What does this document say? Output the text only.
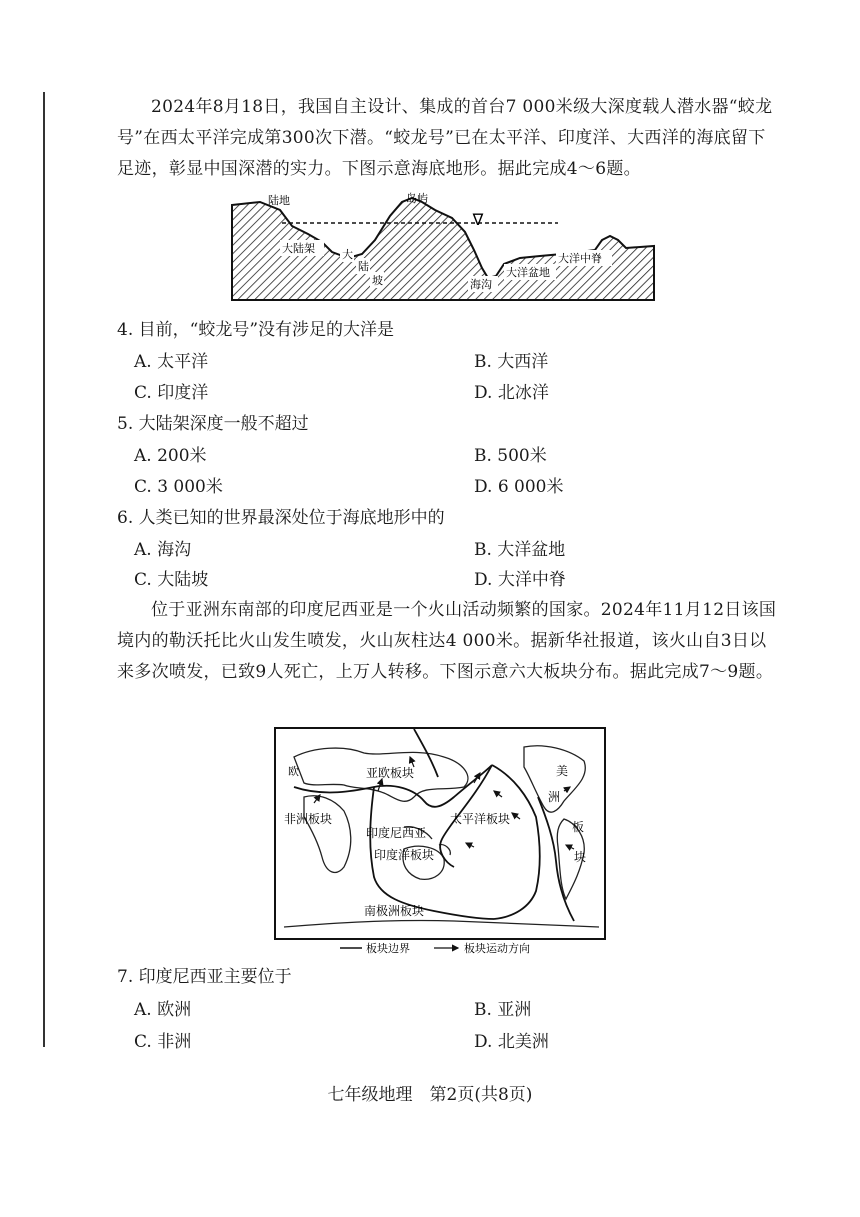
2024年8月18日，我国自主设计、集成的首台7 000米级大深度载人潜水器“蛟龙号”在西太平洋完成第300次下潜。“蛟龙号”已在太平洋、印度洋、大西洋的海底留下足迹，彰显中国深潜的实力。下图示意海底地形。据此完成4～6题。

∇
陆地	岛屿
大陆架 大
陆
坡	海沟
大洋盆地
大洋中脊

4. 目前，“蛟龙号”没有涉足的大洋是

A. 太平洋	B. 大西洋

C. 印度洋	D. 北冰洋

5. 大陆架深度一般不超过

A. 200米	B. 500米

C. 3 000米	D. 6 000米

6. 人类已知的世界最深处位于海底地形中的

A. 海沟	B. 大洋盆地

C. 大陆坡	D. 大洋中脊

位于亚洲东南部的印度尼西亚是一个火山活动频繁的国家。2024年11月12日该国境内的勒沃托比火山发生喷发，火山灰柱达4 000米。据新华社报道，该火山自3日以来多次喷发，已致9人死亡，上万人转移。下图示意六大板块分布。据此完成7～9题。

欧	亚欧板块
非洲板块
印度尼西亚
太平洋板块
印度洋板块
美
洲
板
块
南极洲板块
板块边界	板块运动方向

7. 印度尼西亚主要位于

A. 欧洲	B. 亚洲

C. 非洲	D. 北美洲

七年级地理　第2页(共8页)
